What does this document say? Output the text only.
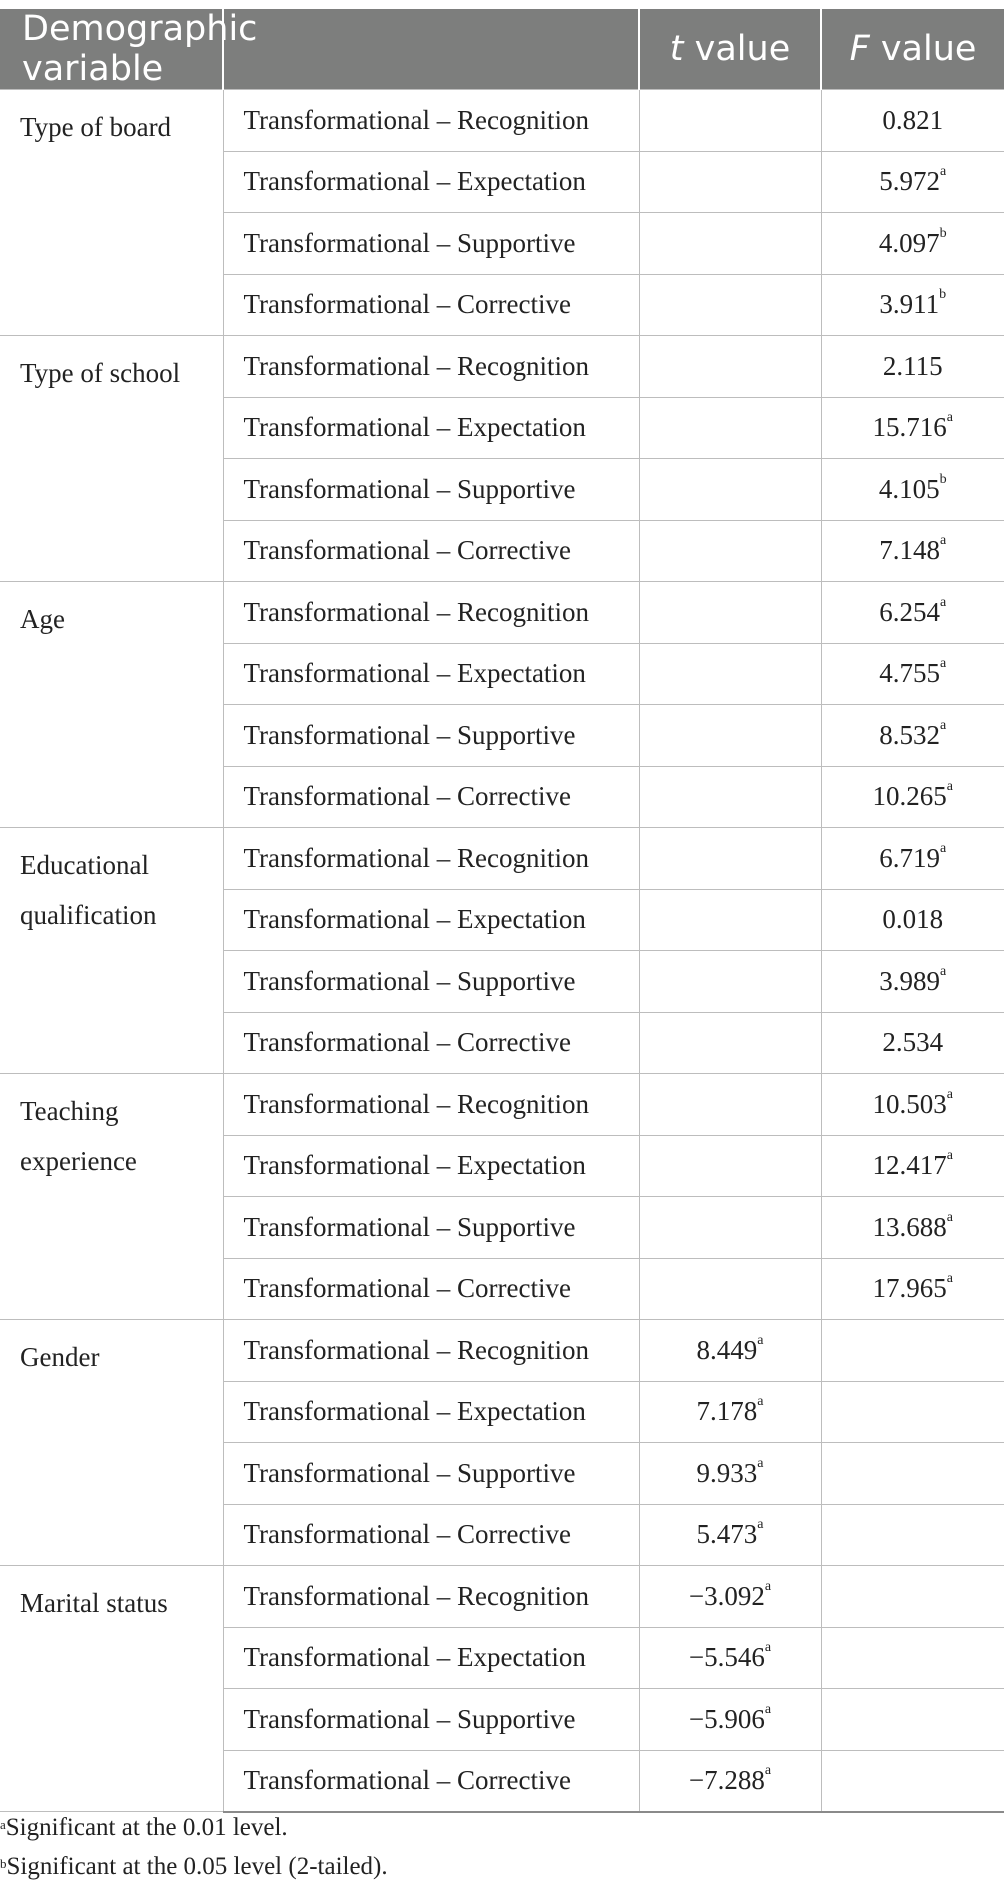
Demographic variable		t value	F value
Type of board	Transformational – Recognition		0.821
	Transformational – Expectation		5.972$^a$
	Transformational – Supportive		4.097$^b$
	Transformational – Corrective		3.911$^b$
Type of school	Transformational – Recognition		2.115
	Transformational – Expectation		15.716$^a$
	Transformational – Supportive		4.105$^b$
	Transformational – Corrective		7.148$^a$
Age	Transformational – Recognition		6.254$^a$
	Transformational – Expectation		4.755$^a$
	Transformational – Supportive		8.532$^a$
	Transformational – Corrective		10.265$^a$
Educational qualification	Transformational – Recognition		6.719$^a$
	Transformational – Expectation		0.018
	Transformational – Supportive		3.989$^a$
	Transformational – Corrective		2.534
Teaching experience	Transformational – Recognition		10.503$^a$
	Transformational – Expectation		12.417$^a$
	Transformational – Supportive		13.688$^a$
	Transformational – Corrective		17.965$^a$
Gender	Transformational – Recognition	8.449$^a$	
	Transformational – Expectation	7.178$^a$	
	Transformational – Supportive	9.933$^a$	
	Transformational – Corrective	5.473$^a$	
Marital status	Transformational – Recognition	−3.092$^a$	
	Transformational – Expectation	−5.546$^a$	
	Transformational – Supportive	−5.906$^a$	
	Transformational – Corrective	−7.288$^a$	
$^a$Significant at the 0.01 level.
$^b$Significant at the 0.05 level (2-tailed).
